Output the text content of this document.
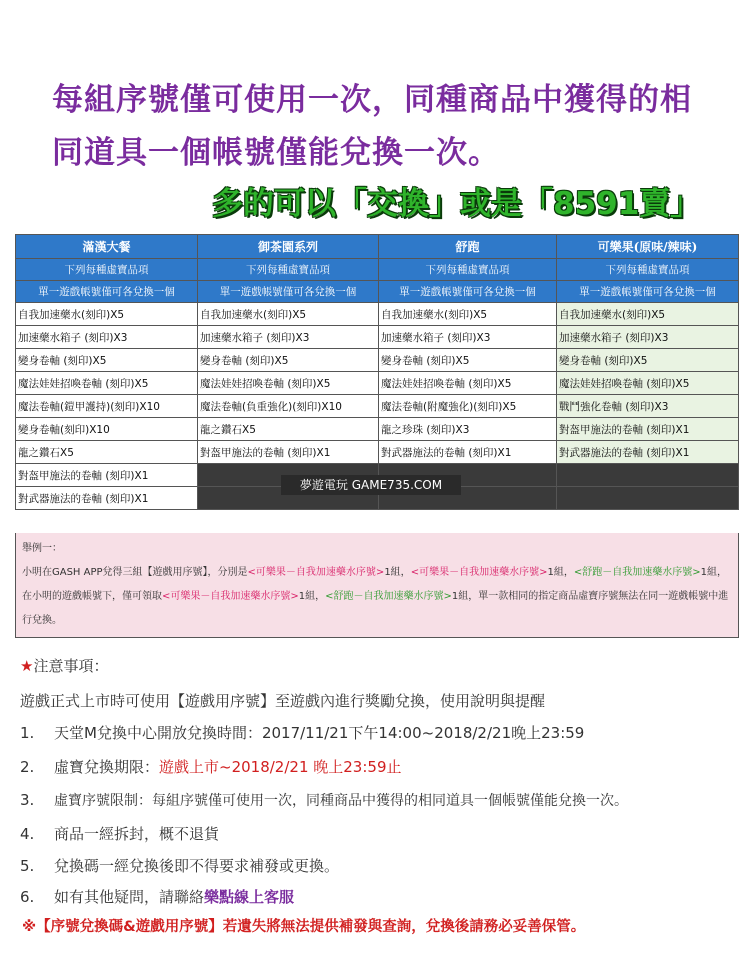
每組序號僅可使用一次，同種商品中獲得的相
同道具一個帳號僅能兌換一次。
多的可以「交換」或是「8591賣」
滿漢大餐	御茶園系列	舒跑	可樂果(原味/辣味)
下列每種虛寶品項	下列每種虛寶品項	下列每種虛寶品項	下列每種虛寶品項
單一遊戲帳號僅可各兌換一個	單一遊戲帳號僅可各兌換一個	單一遊戲帳號僅可各兌換一個	單一遊戲帳號僅可各兌換一個
自我加速藥水(刻印)X5	自我加速藥水(刻印)X5	自我加速藥水(刻印)X5	自我加速藥水(刻印)X5
加速藥水箱子 (刻印)X3	加速藥水箱子 (刻印)X3	加速藥水箱子 (刻印)X3	加速藥水箱子 (刻印)X3
變身卷軸 (刻印)X5	變身卷軸 (刻印)X5	變身卷軸 (刻印)X5	變身卷軸 (刻印)X5
魔法娃娃招喚卷軸 (刻印)X5	魔法娃娃招喚卷軸 (刻印)X5	魔法娃娃招喚卷軸 (刻印)X5	魔法娃娃招喚卷軸 (刻印)X5
魔法卷軸(鎧甲護持)(刻印)X10	魔法卷軸(負重強化)(刻印)X10	魔法卷軸(附魔強化)(刻印)X5	戰鬥強化卷軸 (刻印)X3
變身卷軸(刻印)X10	龍之鑽石X5	龍之珍珠 (刻印)X3	對盔甲施法的卷軸 (刻印)X1
龍之鑽石X5	對盔甲施法的卷軸 (刻印)X1	對武器施法的卷軸 (刻印)X1	對武器施法的卷軸 (刻印)X1
對盔甲施法的卷軸 (刻印)X1			
對武器施法的卷軸 (刻印)X1			
夢遊電玩 GAME735.COM
舉例一：
小明在GASH APP兌得三組【遊戲用序號】，分別是<可樂果－自我加速藥水序號>1組，<可樂果－自我加速藥水序號>1組，<舒跑－自我加速藥水序號>1組，在小明的遊戲帳號下，僅可領取<可樂果－自我加速藥水序號>1組，<舒跑－自我加速藥水序號>1組，單一款相同的指定商品虛寶序號無法在同一遊戲帳號中進行兌換。
★注意事項：
遊戲正式上市時可使用【遊戲用序號】至遊戲內進行獎勵兌換，使用說明與提醒
1. 天堂M兌換中心開放兌換時間：2017/11/21下午14:00~2018/2/21晚上23:59
2. 虛寶兌換期限：遊戲上市~2018/2/21 晚上23:59止
3. 虛寶序號限制：每組序號僅可使用一次，同種商品中獲得的相同道具一個帳號僅能兌換一次。
4. 商品一經拆封，概不退貨
5. 兌換碼一經兌換後即不得要求補發或更換。
6. 如有其他疑問，請聯絡樂點線上客服
※【序號兌換碼&遊戲用序號】若遺失將無法提供補發與查詢，兌換後請務必妥善保管。
